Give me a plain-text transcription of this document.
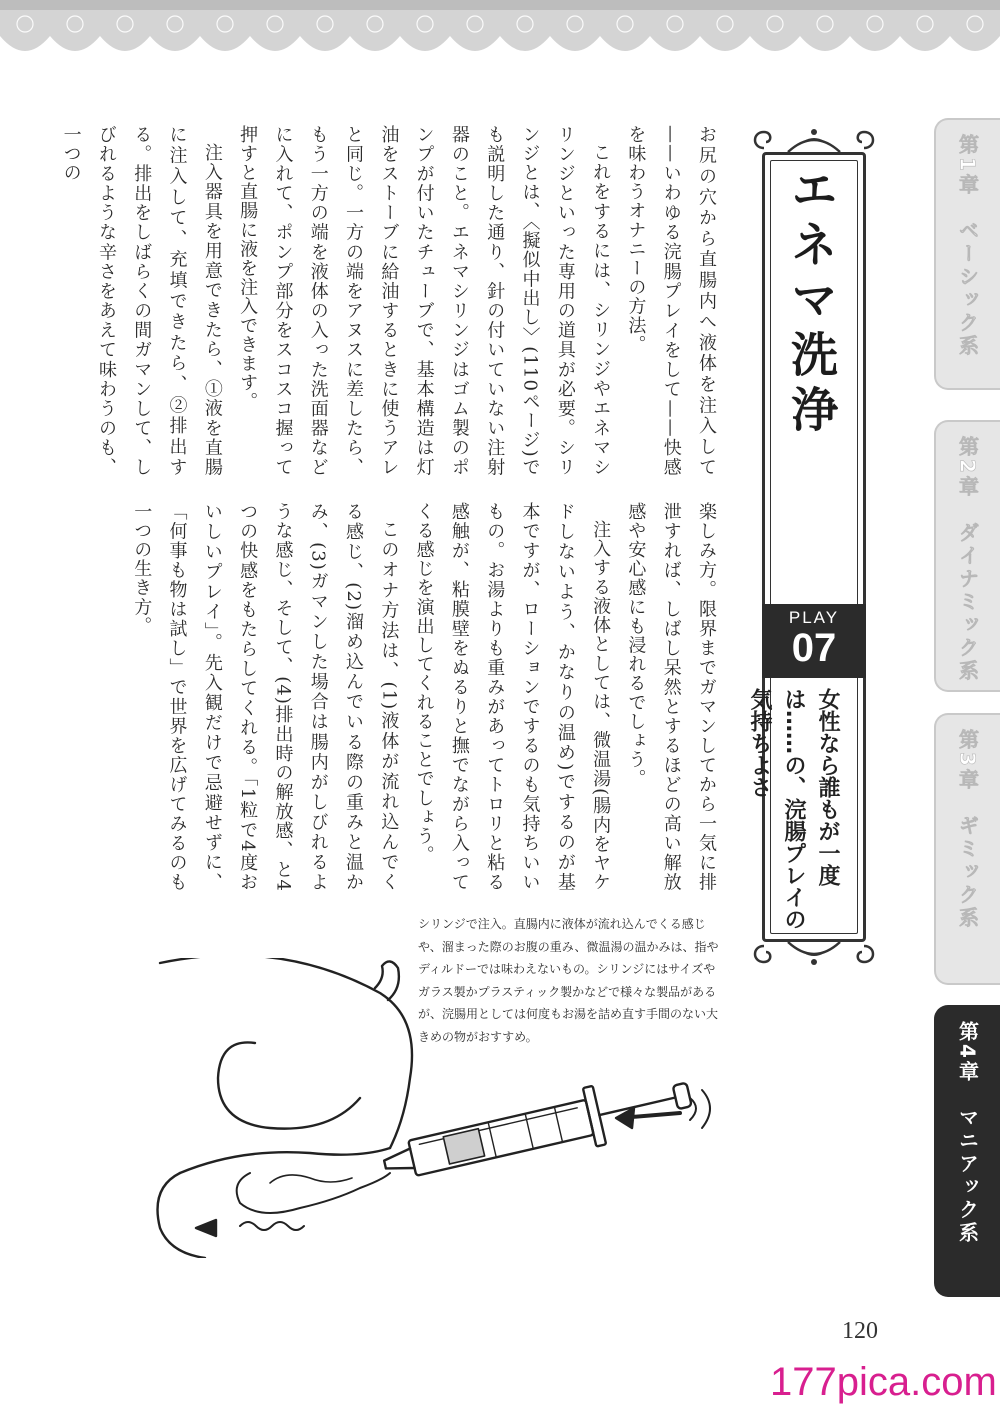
第1章　ベーシック系
第2章　ダイナミック系
第3章　ギミック系
第4章　マニアック系
エネマ洗浄
PLAY
07
女性なら誰もが一度は……の、浣腸プレイの気持ちよさ

お尻の穴から直腸内へ液体を注入して——いわゆる浣腸プレイをして——快感を味わうオナニーの方法。

これをするには、シリンジやエネマシリンジといった専用の道具が必要。シリンジとは、〈擬似中出し〉(110ページ)でも説明した通り、針の付いていない注射器のこと。エネマシリンジはゴム製のポンプが付いたチューブで、基本構造は灯油をストーブに給油するときに使うアレと同じ。一方の端をアヌスに差したら、もう一方の端を液体の入った洗面器などに入れて、ポンプ部分をスコスコ握って押すと直腸に液を注入できます。

注入器具を用意できたら、①液を直腸に注入して、充填できたら、②排出する。排出をしばらくの間ガマンして、しびれるような辛さをあえて味わうのも、一つの

楽しみ方。限界までガマンしてから一気に排泄すれば、しばし呆然とするほどの高い解放感や安心感にも浸れるでしょう。

注入する液体としては、微温湯(腸内をヤケドしないよう、かなりの温め)でするのが基本ですが、ローションでするのも気持ちいいもの。お湯よりも重みがあってトロリと粘る感触が、粘膜壁をぬるりと撫でながら入ってくる感じを演出してくれることでしょう。

このオナ方法は、(1)液体が流れ込んでくる感じ、(2)溜め込んでいる際の重みと温かみ、(3)ガマンした場合は腸内がしびれるような感じ、そして、(4)排出時の解放感、と4つの快感をもたらしてくれる。「1粒で4度おいしいプレイ」。先入観だけで忌避せずに、「何事も物は試し」で世界を広げてみるのも一つの生き方。

シリンジで注入。直腸内に液体が流れ込んでくる感じや、溜まった際のお腹の重み、微温湯の温かみは、指やディルドーでは味わえないもの。シリンジにはサイズやガラス製かプラスティック製かなどで様々な製品があるが、浣腸用としては何度もお湯を詰め直す手間のない大きめの物がおすすめ。
120
177pica.com
